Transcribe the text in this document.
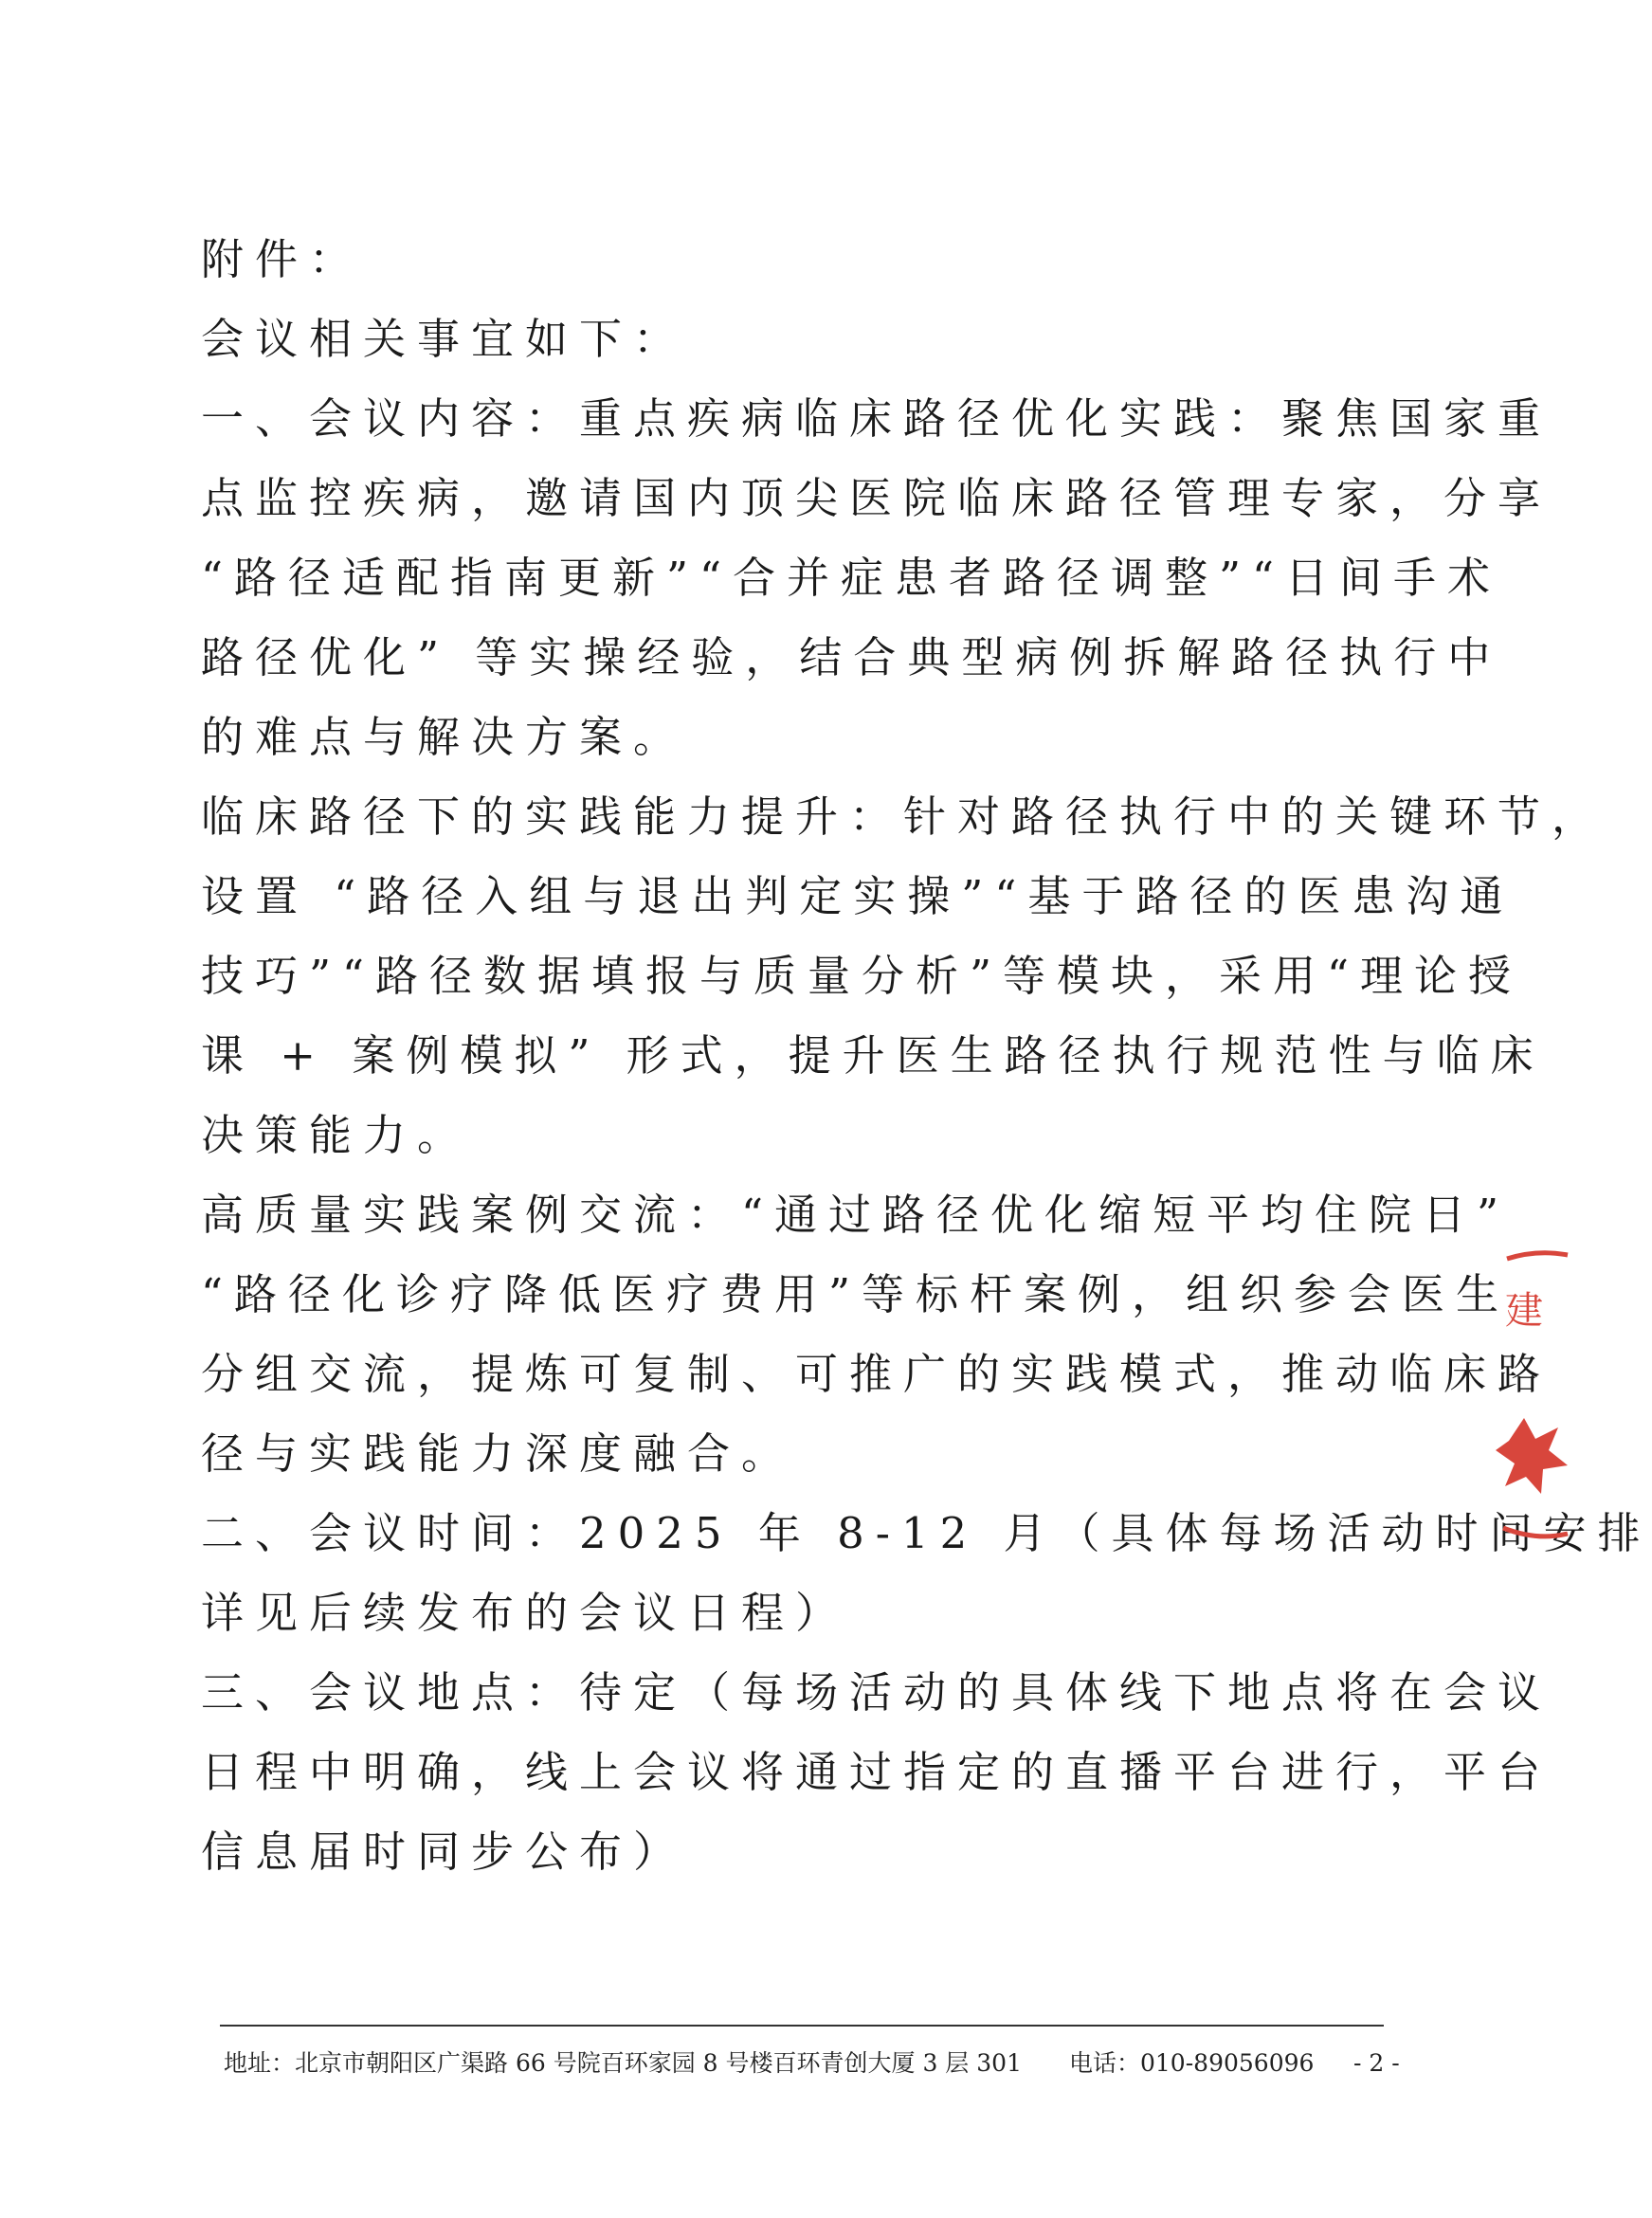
附件：
会议相关事宜如下：
一、会议内容：重点疾病临床路径优化实践：聚焦国家重
点监控疾病，邀请国内顶尖医院临床路径管理专家，分享
“路径适配指南更新”“合并症患者路径调整”“日间手术
路径优化” 等实操经验，结合典型病例拆解路径执行中
的难点与解决方案。
临床路径下的实践能力提升：针对路径执行中的关键环节，
设置 “路径入组与退出判定实操”“基于路径的医患沟通
技巧”“路径数据填报与质量分析”等模块，采用“理论授
课 + 案例模拟” 形式，提升医生路径执行规范性与临床
决策能力。
高质量实践案例交流：“通过路径优化缩短平均住院日”
“路径化诊疗降低医疗费用”等标杆案例，组织参会医生
分组交流，提炼可复制、可推广的实践模式，推动临床路
径与实践能力深度融合。
二、会议时间：2025 年 8-12 月（具体每场活动时间安排
详见后续发布的会议日程）
三、会议地点：待定（每场活动的具体线下地点将在会议
日程中明确，线上会议将通过指定的直播平台进行，平台
信息届时同步公布）
建
地址：北京市朝阳区广渠路 66 号院百环家园 8 号楼百环青创大厦 3 层 301 电话：010-89056096 - 2 -
